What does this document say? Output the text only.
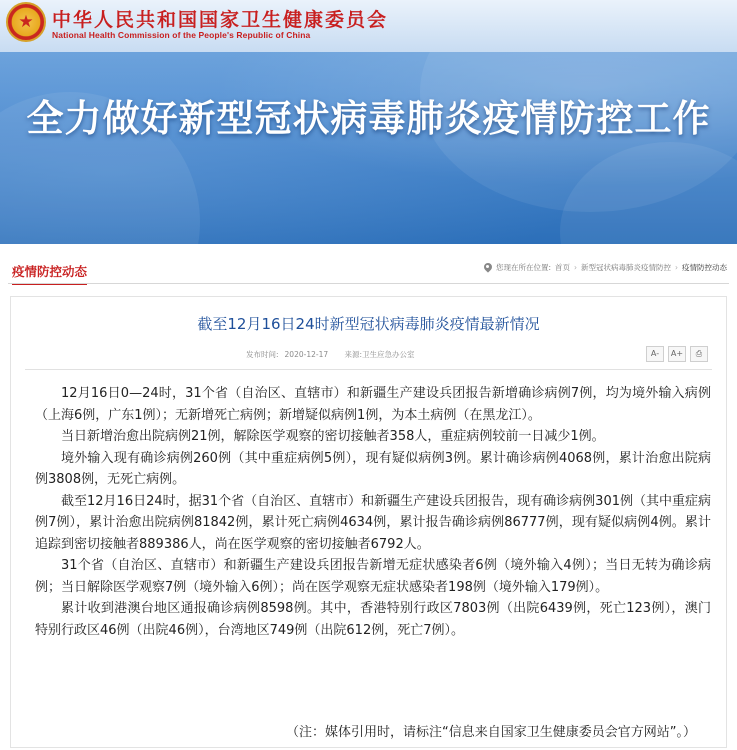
★ 中华人民共和国国家卫生健康委员会
National Health Commission of the People's Republic of China
全力做好新型冠状病毒肺炎疫情防控工作
疫情防控动态	您现在所在位置: 首页 › 新型冠状病毒肺炎疫情防控 › 疫情防控动态
截至12月16日24时新型冠状病毒肺炎疫情最新情况
发布时间: 2020-12-17 来源:卫生应急办公室	A-	A+	⎙

12月16日0—24时，31个省（自治区、直辖市）和新疆生产建设兵团报告新增确诊病例7例，均为境外输入病例（上海6例，广东1例）；无新增死亡病例；新增疑似病例1例，为本土病例（在黑龙江）。

当日新增治愈出院病例21例，解除医学观察的密切接触者358人，重症病例较前一日减少1例。

境外输入现有确诊病例260例（其中重症病例5例），现有疑似病例3例。累计确诊病例4068例，累计治愈出院病例3808例，无死亡病例。

截至12月16日24时，据31个省（自治区、直辖市）和新疆生产建设兵团报告，现有确诊病例301例（其中重症病例7例），累计治愈出院病例81842例，累计死亡病例4634例，累计报告确诊病例86777例，现有疑似病例4例。累计追踪到密切接触者889386人，尚在医学观察的密切接触者6792人。

31个省（自治区、直辖市）和新疆生产建设兵团报告新增无症状感染者6例（境外输入4例）；当日无转为确诊病例；当日解除医学观察7例（境外输入6例）；尚在医学观察无症状感染者198例（境外输入179例）。

累计收到港澳台地区通报确诊病例8598例。其中，香港特别行政区7803例（出院6439例，死亡123例），澳门特别行政区46例（出院46例），台湾地区749例（出院612例，死亡7例）。

（注：媒体引用时，请标注“信息来自国家卫生健康委员会官方网站”。）
